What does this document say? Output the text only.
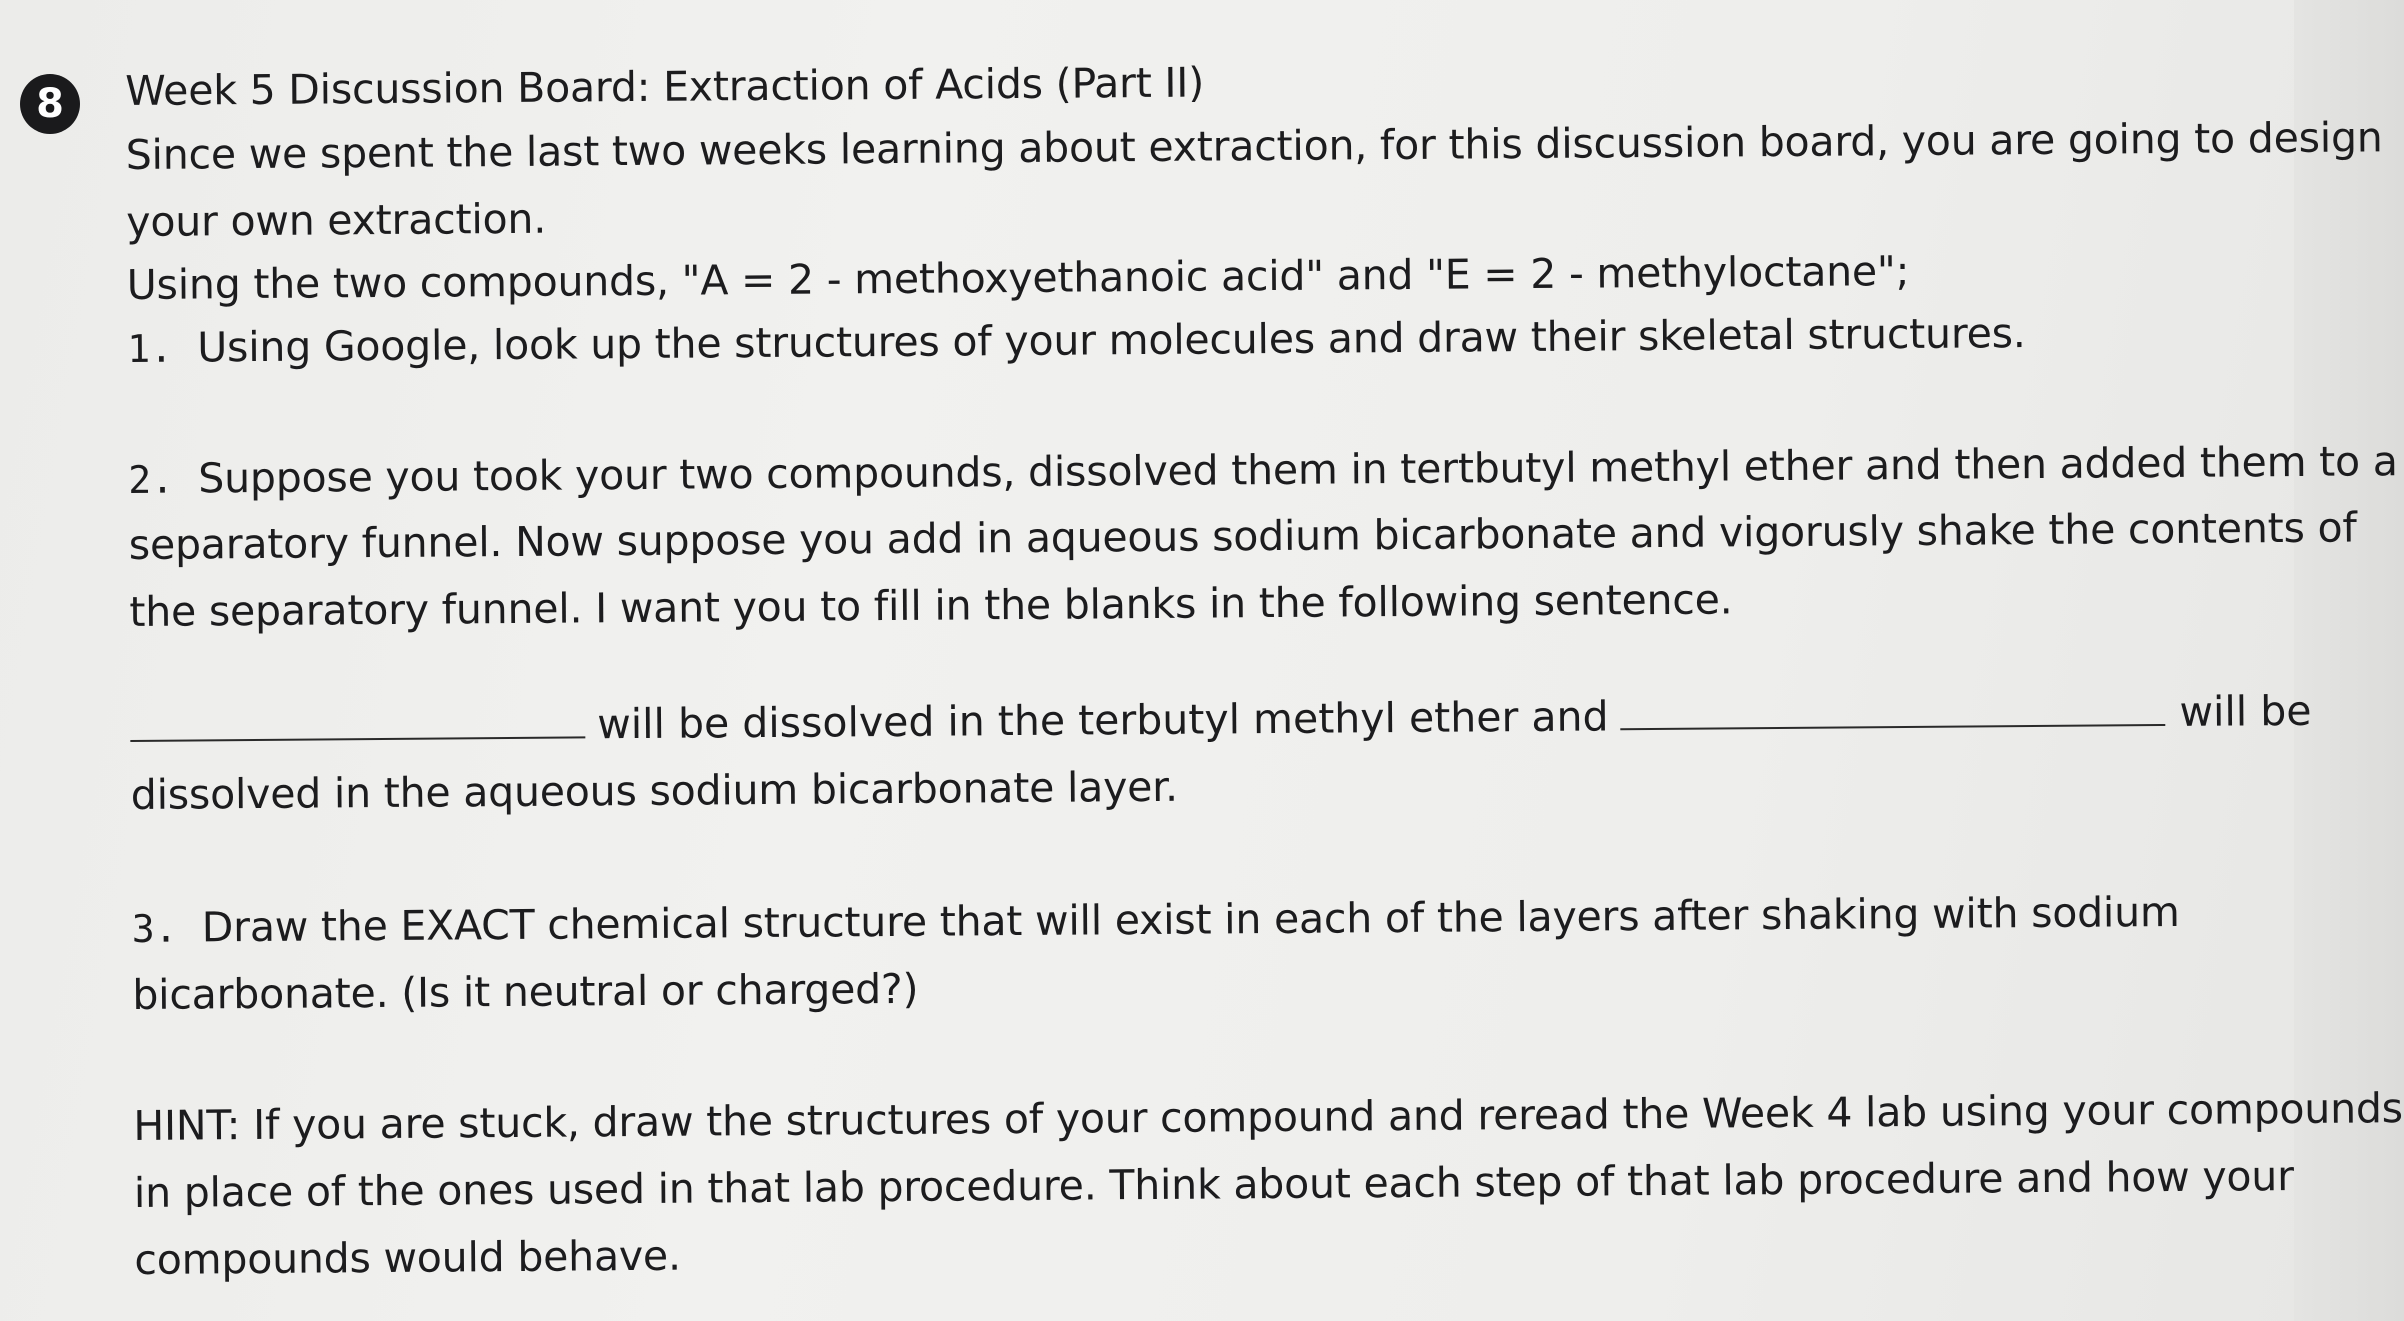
8	Week 5 Discussion Board: Extraction of Acids (Part II)
Since we spent the last two weeks learning about extraction, for this discussion board, you are going to design
your own extraction.
Using the two compounds, "A = 2 - methoxyethanoic acid" and "E = 2 - methyloctane";
1. Using Google, look up the structures of your molecules and draw their skeletal structures.
2. Suppose you took your two compounds, dissolved them in tertbutyl methyl ether and then added them to a
separatory funnel. Now suppose you add in aqueous sodium bicarbonate and vigorusly shake the contents of
the separatory funnel. I want you to fill in the blanks in the following sentence.
will be dissolved in the terbutyl methyl ether and	will be
dissolved in the aqueous sodium bicarbonate layer.
3. Draw the EXACT chemical structure that will exist in each of the layers after shaking with sodium
bicarbonate. (Is it neutral or charged?)
HINT: If you are stuck, draw the structures of your compound and reread the Week 4 lab using your compounds
in place of the ones used in that lab procedure. Think about each step of that lab procedure and how your
compounds would behave.
